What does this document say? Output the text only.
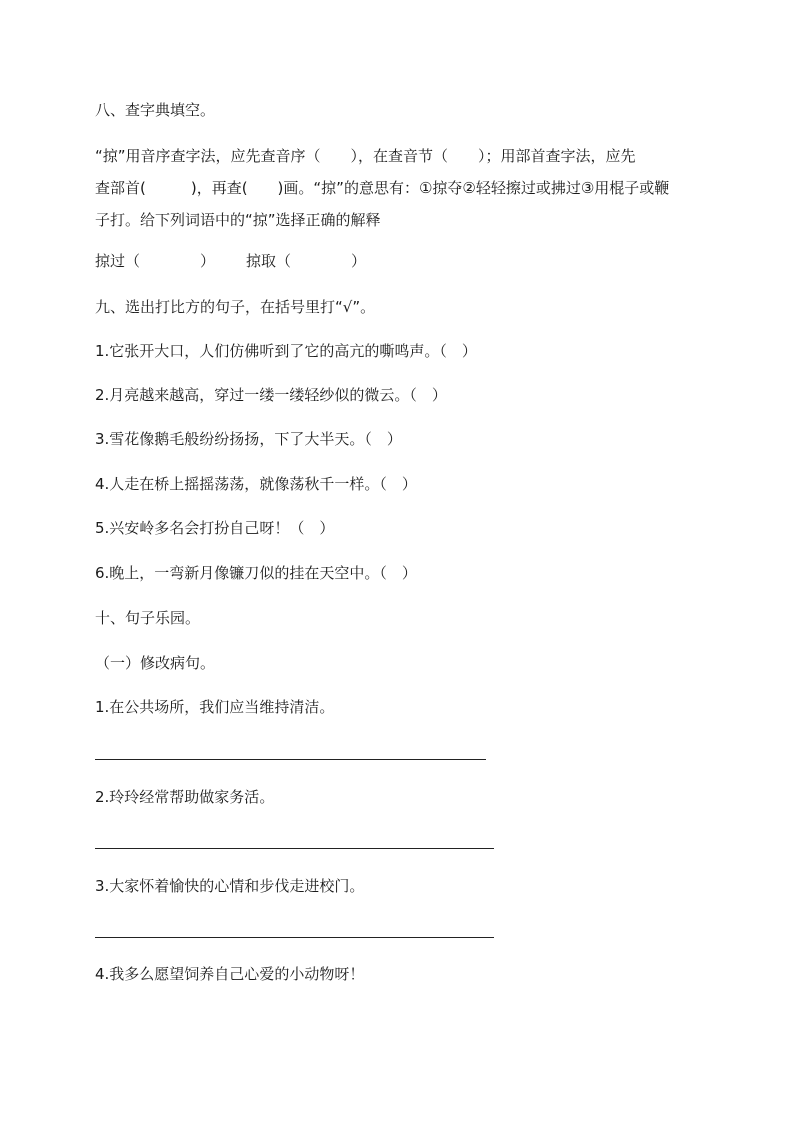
八、查字典填空。
“掠”用音序查字法，应先查音序（　　），在查音节（　　）；用部首查字法，应先
查部首(　　　)，再查(　　)画。“掠”的意思有：①掠夺②轻轻擦过或拂过③用棍子或鞭
子打。给下列词语中的“掠”选择正确的解释
掠过（　　　　） 掠取（　　　　）
九、选出打比方的句子，在括号里打“√”。
1.它张开大口，人们仿佛听到了它的高亢的嘶鸣声。（　）
2.月亮越来越高，穿过一缕一缕轻纱似的微云。（　）
3.雪花像鹅毛般纷纷扬扬，下了大半天。（　）
4.人走在桥上摇摇荡荡，就像荡秋千一样。（　）
5.兴安岭多名会打扮自己呀！（　）
6.晚上，一弯新月像镰刀似的挂在天空中。（　）
十、句子乐园。
（一）修改病句。
1.在公共场所，我们应当维持清洁。
2.玲玲经常帮助做家务活。
3.大家怀着愉快的心情和步伐走进校门。
4.我多么愿望饲养自己心爱的小动物呀！
